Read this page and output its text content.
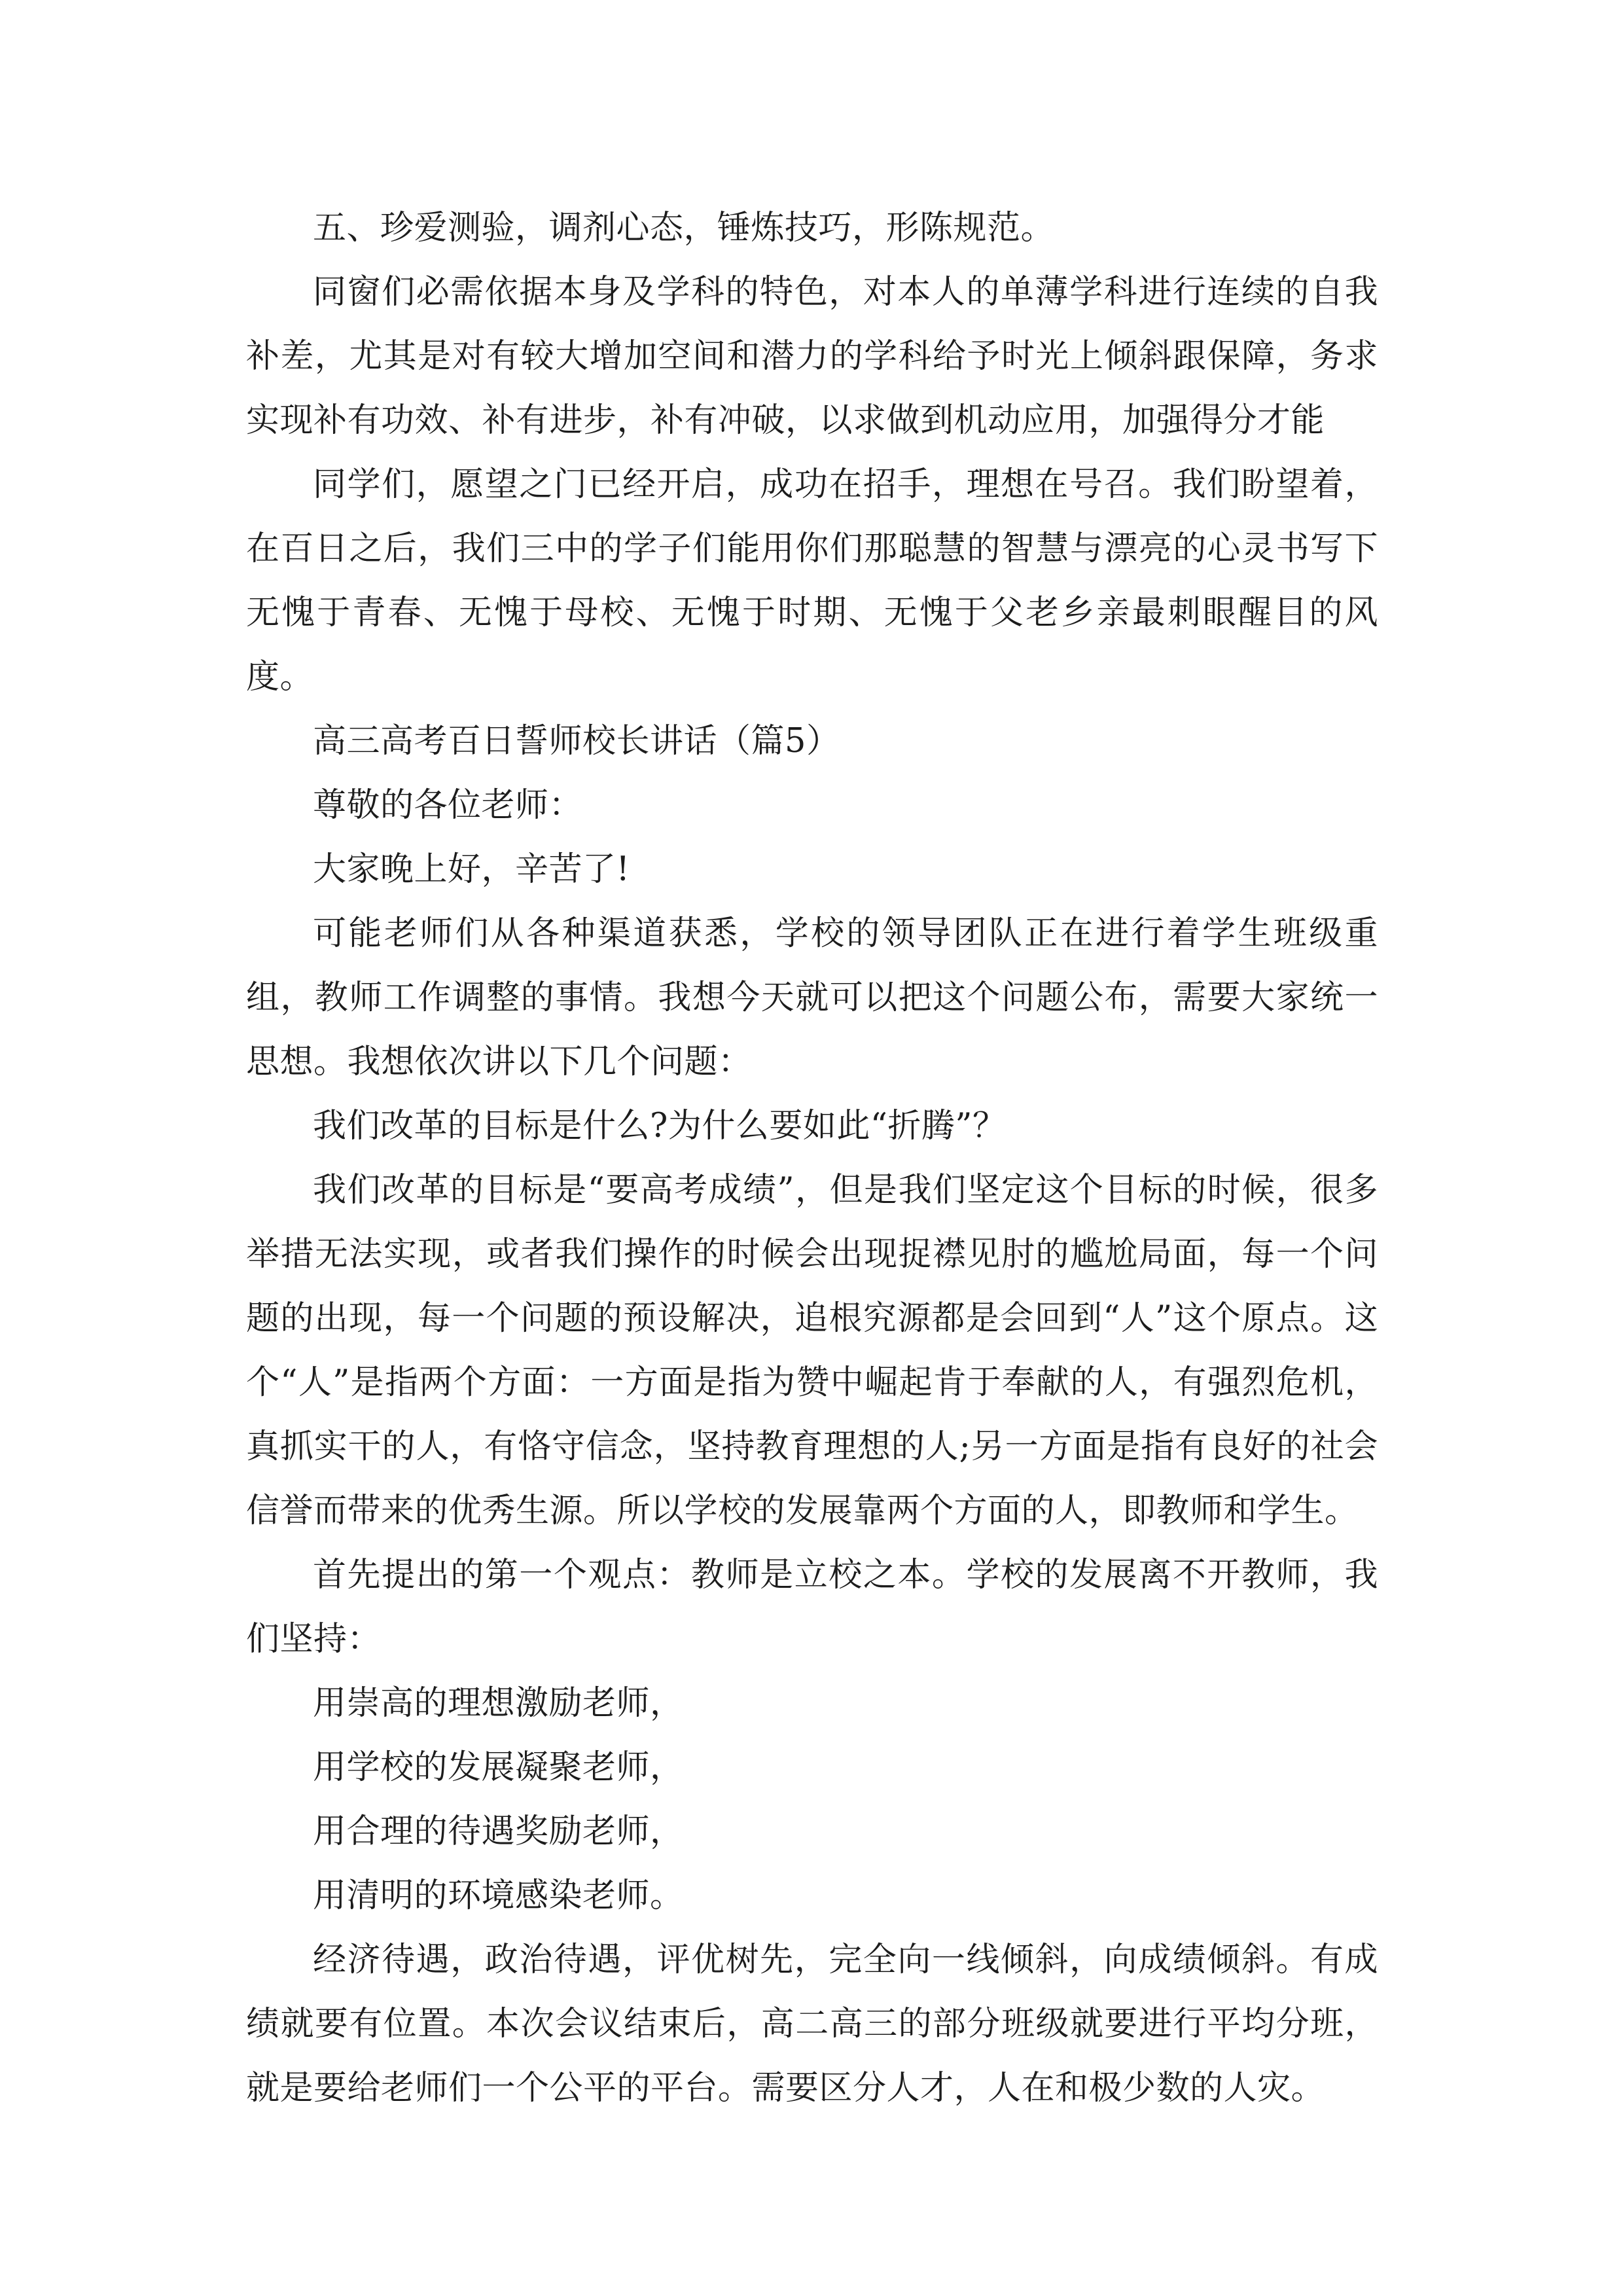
五、珍爱测验，调剂心态，锤炼技巧，形陈规范。

同窗们必需依据本身及学科的特色，对本人的单薄学科进行连续的自我补差，尤其是对有较大增加空间和潜力的学科给予时光上倾斜跟保障，务求实现补有功效、补有进步，补有冲破，以求做到机动应用，加强得分才能

同学们，愿望之门已经开启，成功在招手，理想在号召。我们盼望着，在百日之后，我们三中的学子们能用你们那聪慧的智慧与漂亮的心灵书写下无愧于青春、无愧于母校、无愧于时期、无愧于父老乡亲最刺眼醒目的风度。

高三高考百日誓师校长讲话（篇5）

尊敬的各位老师：

大家晚上好，辛苦了!

可能老师们从各种渠道获悉，学校的领导团队正在进行着学生班级重组，教师工作调整的事情。我想今天就可以把这个问题公布，需要大家统一思想。我想依次讲以下几个问题：

我们改革的目标是什么?为什么要如此“折腾”？

我们改革的目标是“要高考成绩”，但是我们坚定这个目标的时候，很多举措无法实现，或者我们操作的时候会出现捉襟见肘的尴尬局面，每一个问题的出现，每一个问题的预设解决，追根究源都是会回到“人”这个原点。这个“人”是指两个方面：一方面是指为赞中崛起肯于奉献的人，有强烈危机，真抓实干的人，有恪守信念，坚持教育理想的人;另一方面是指有良好的社会信誉而带来的优秀生源。所以学校的发展靠两个方面的人，即教师和学生。

首先提出的第一个观点：教师是立校之本。学校的发展离不开教师，我们坚持：

用崇高的理想激励老师，

用学校的发展凝聚老师，

用合理的待遇奖励老师，

用清明的环境感染老师。

经济待遇，政治待遇，评优树先，完全向一线倾斜，向成绩倾斜。有成绩就要有位置。本次会议结束后，高二高三的部分班级就要进行平均分班，就是要给老师们一个公平的平台。需要区分人才，人在和极少数的人灾。
